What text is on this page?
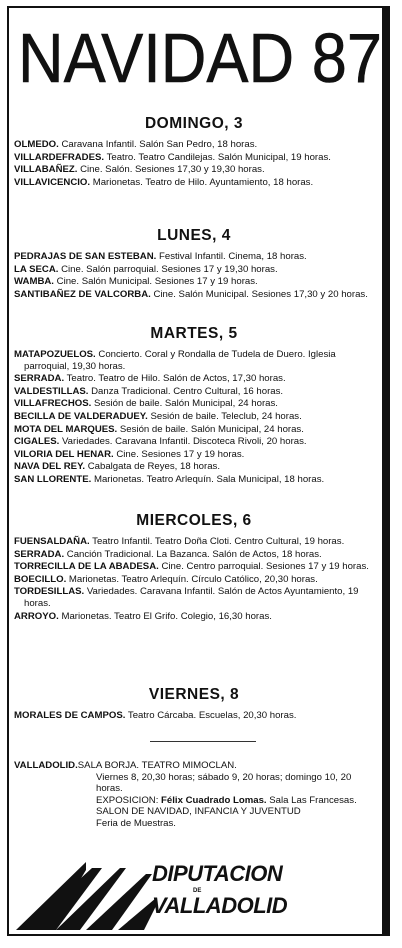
NAVIDAD 87
DOMINGO, 3

OLMEDO. Caravana Infantil. Salón San Pedro, 18 horas.

VILLARDEFRADES. Teatro. Teatro Candilejas. Salón Municipal, 19 horas.

VILLABAÑEZ. Cine. Salón. Sesiones 17,30 y 19,30 horas.

VILLAVICENCIO. Marionetas. Teatro de Hilo. Ayuntamiento, 18 horas.

LUNES, 4

PEDRAJAS DE SAN ESTEBAN. Festival Infantil. Cinema, 18 horas.

LA SECA. Cine. Salón parroquial. Sesiones 17 y 19,30 horas.

WAMBA. Cine. Salón Municipal. Sesiones 17 y 19 horas.

SANTIBAÑEZ DE VALCORBA. Cine. Salón Municipal. Sesiones 17,30 y 20 horas.

MARTES, 5

MATAPOZUELOS. Concierto. Coral y Rondalla de Tudela de Duero. Iglesia parroquial, 19,30 horas.

SERRADA. Teatro. Teatro de Hilo. Salón de Actos, 17,30 horas.

VALDESTILLAS. Danza Tradicional. Centro Cultural, 16 horas.

VILLAFRECHOS. Sesión de baile. Salón Municipal, 24 horas.

BECILLA DE VALDERADUEY. Sesión de baile. Teleclub, 24 horas.

MOTA DEL MARQUES. Sesión de baile. Salón Municipal, 24 horas.

CIGALES. Variedades. Caravana Infantil. Discoteca Rivoli, 20 horas.

VILORIA DEL HENAR. Cine. Sesiones 17 y 19 horas.

NAVA DEL REY. Cabalgata de Reyes, 18 horas.

SAN LLORENTE. Marionetas. Teatro Arlequín. Sala Municipal, 18 horas.

MIERCOLES, 6

FUENSALDAÑA. Teatro Infantil. Teatro Doña Cloti. Centro Cultural, 19 horas.

SERRADA. Canción Tradicional. La Bazanca. Salón de Actos, 18 horas.

TORRECILLA DE LA ABADESA. Cine. Centro parroquial. Sesiones 17 y 19 horas.

BOECILLO. Marionetas. Teatro Arlequín. Círculo Católico, 20,30 horas.

TORDESILLAS. Variedades. Caravana Infantil. Salón de Actos Ayuntamiento, 19 horas.

ARROYO. Marionetas. Teatro El Grifo. Colegio, 16,30 horas.

VIERNES, 8

MORALES DE CAMPOS. Teatro Cárcaba. Escuelas, 20,30 horas.

VALLADOLID.SALA BORJA. TEATRO MIMOCLAN.
Viernes 8, 20,30 horas; sábado 9, 20 horas; domingo 10, 20 horas.
EXPOSICION: Félix Cuadrado Lomas. Sala Las Francesas.
SALON DE NAVIDAD, INFANCIA Y JUVENTUD
Feria de Muestras.
DIPUTACION
VALLADOLID
DE
